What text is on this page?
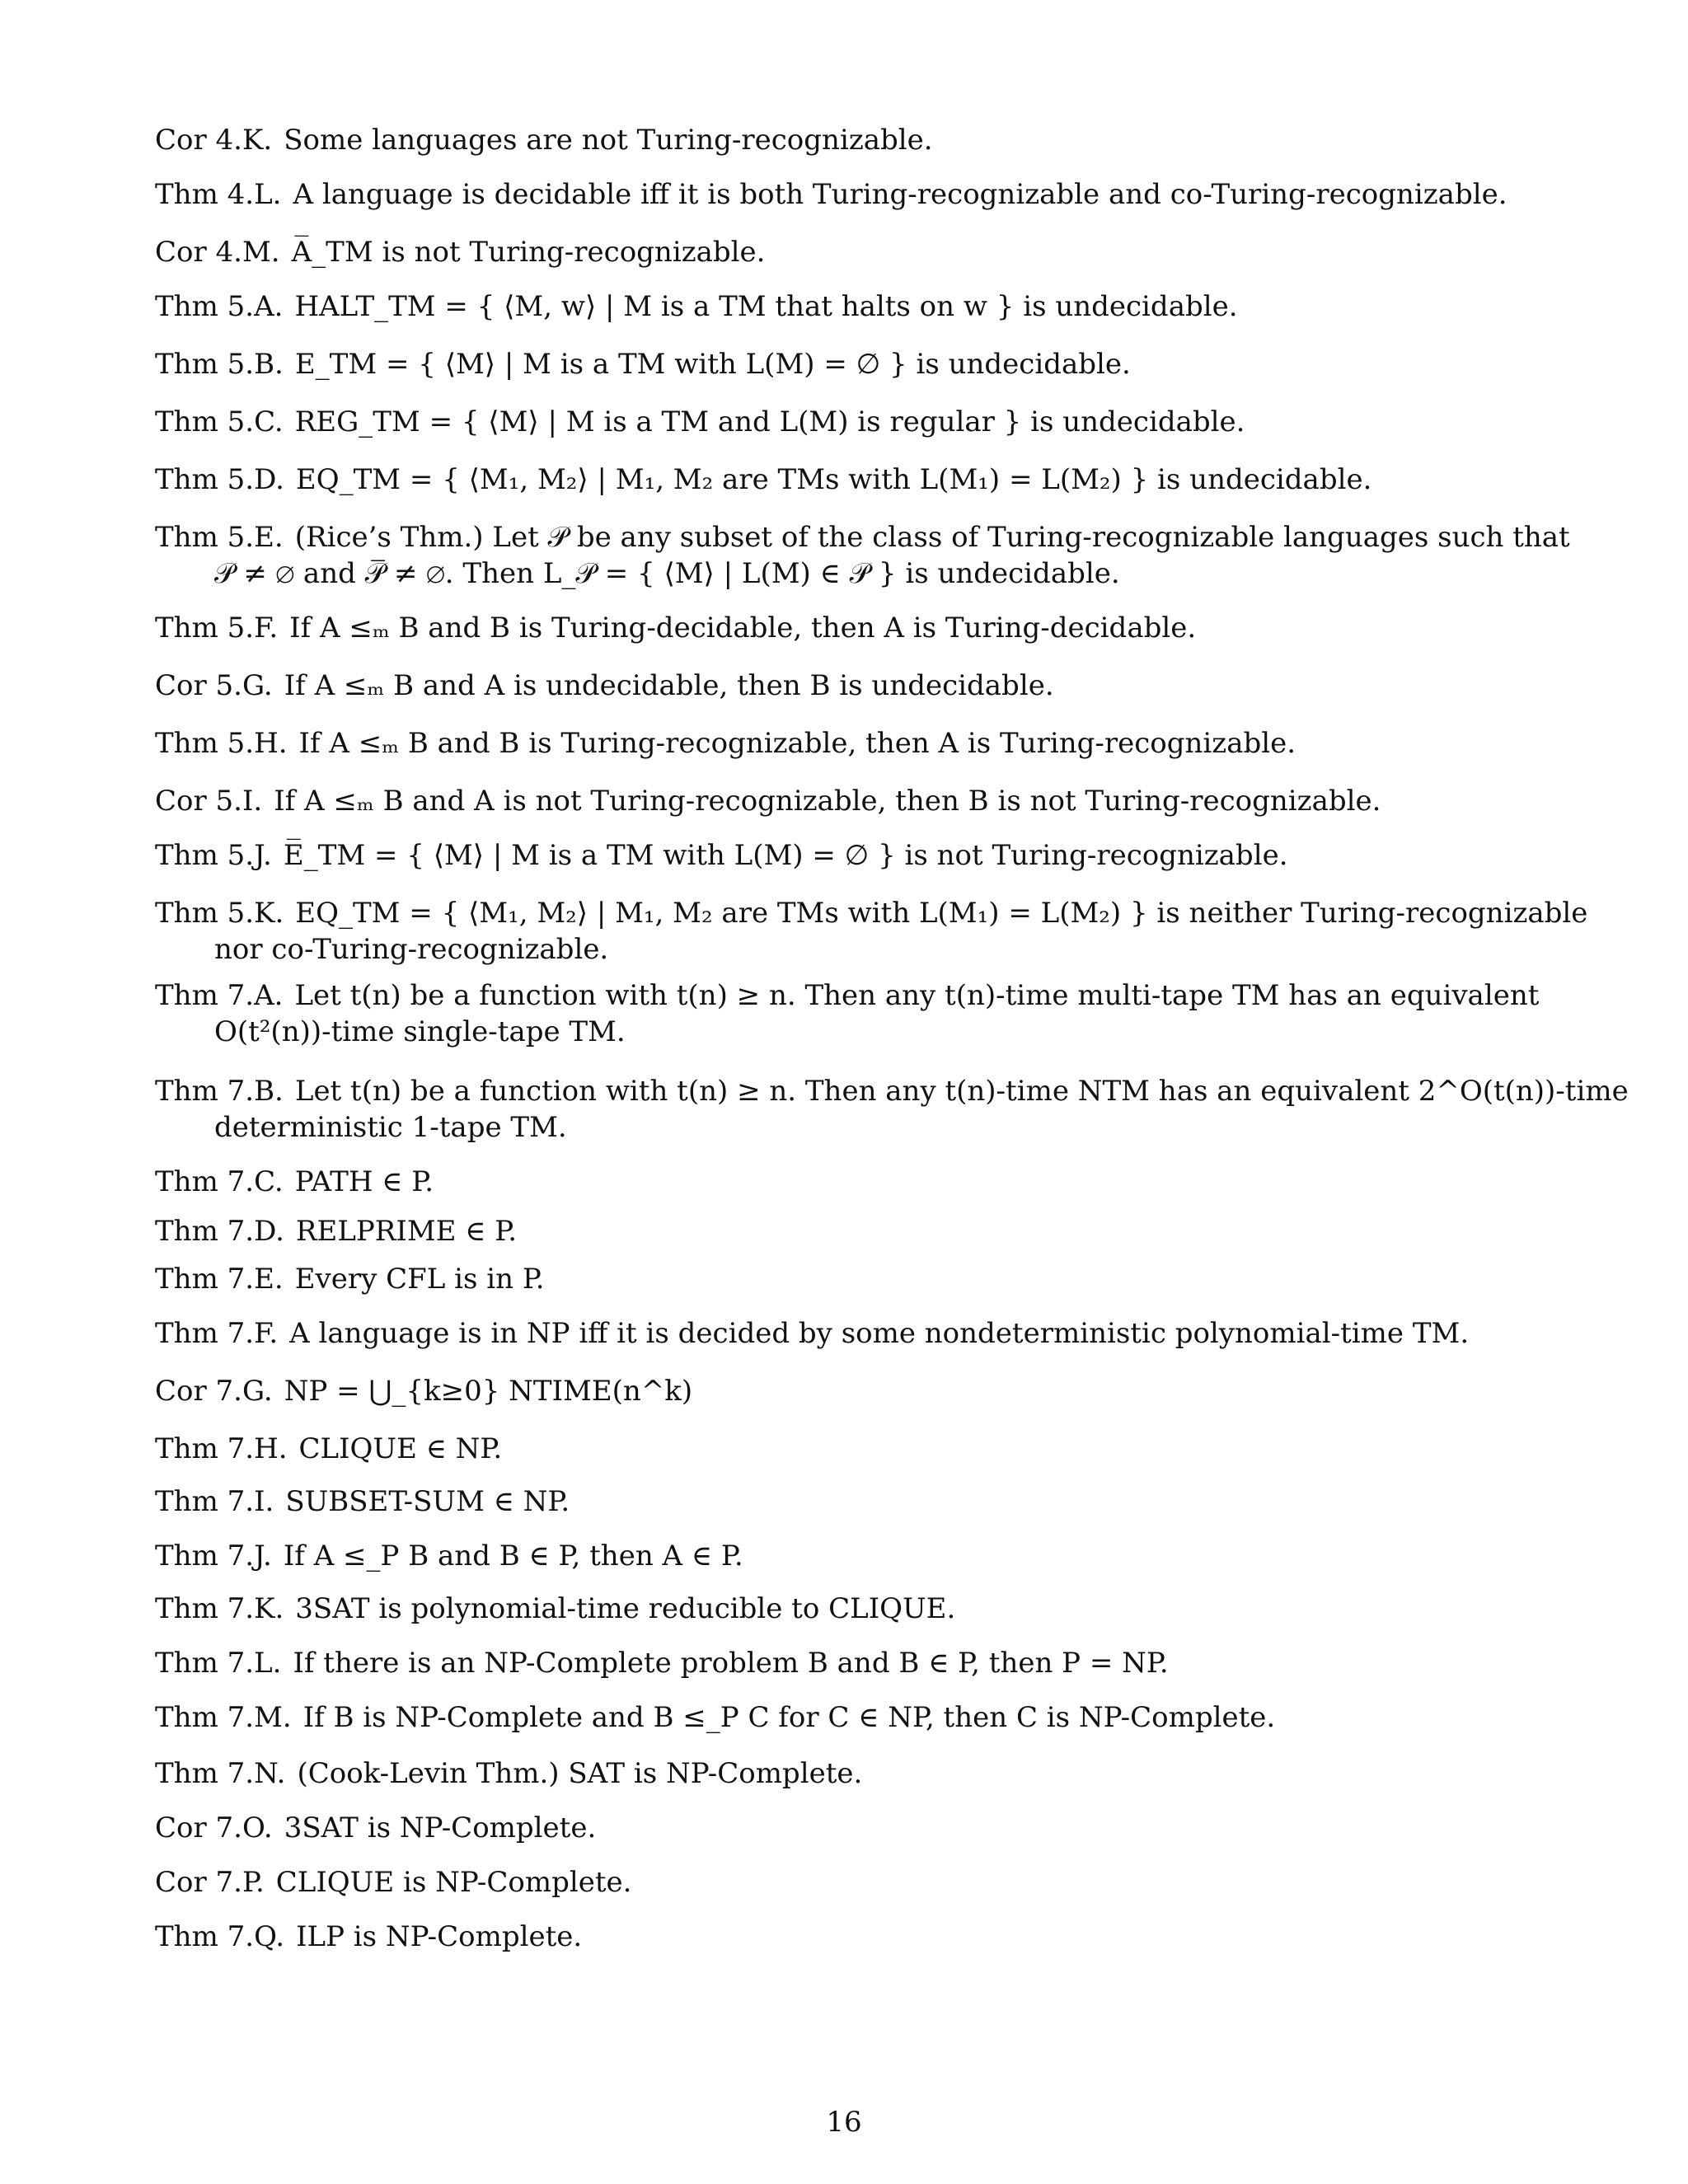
Cor 4.K. Some languages are not Turing-recognizable.
Thm 4.L. A language is decidable iff it is both Turing-recognizable and co-Turing-recognizable.
Cor 4.M. A̅_TM is not Turing-recognizable.
Thm 5.A. HALT_TM = { ⟨M, w⟩ | M is a TM that halts on w } is undecidable.
Thm 5.B. E_TM = { ⟨M⟩ | M is a TM with L(M) = ∅ } is undecidable.
Thm 5.C. REG_TM = { ⟨M⟩ | M is a TM and L(M) is regular } is undecidable.
Thm 5.D. EQ_TM = { ⟨M₁, M₂⟩ | M₁, M₂ are TMs with L(M₁) = L(M₂) } is undecidable.
Thm 5.E. (Rice’s Thm.) Let 𝒫 be any subset of the class of Turing-recognizable languages such that
𝒫 ≠ ∅ and 𝒫̅ ≠ ∅. Then L_𝒫 = { ⟨M⟩ | L(M) ∈ 𝒫 } is undecidable.
Thm 5.F. If A ≤ₘ B and B is Turing-decidable, then A is Turing-decidable.
Cor 5.G. If A ≤ₘ B and A is undecidable, then B is undecidable.
Thm 5.H. If A ≤ₘ B and B is Turing-recognizable, then A is Turing-recognizable.
Cor 5.I. If A ≤ₘ B and A is not Turing-recognizable, then B is not Turing-recognizable.
Thm 5.J. E̅_TM = { ⟨M⟩ | M is a TM with L(M) = ∅ } is not Turing-recognizable.
Thm 5.K. EQ_TM = { ⟨M₁, M₂⟩ | M₁, M₂ are TMs with L(M₁) = L(M₂) } is neither Turing-recognizable
nor co-Turing-recognizable.
Thm 7.A. Let t(n) be a function with t(n) ≥ n. Then any t(n)-time multi-tape TM has an equivalent
O(t²(n))-time single-tape TM.
Thm 7.B. Let t(n) be a function with t(n) ≥ n. Then any t(n)-time NTM has an equivalent 2^O(t(n))-time
deterministic 1-tape TM.
Thm 7.C. PATH ∈ P.
Thm 7.D. RELPRIME ∈ P.
Thm 7.E. Every CFL is in P.
Thm 7.F. A language is in NP iff it is decided by some nondeterministic polynomial-time TM.
Cor 7.G. NP = ⋃_{k≥0} NTIME(n^k)
Thm 7.H. CLIQUE ∈ NP.
Thm 7.I. SUBSET-SUM ∈ NP.
Thm 7.J. If A ≤_P B and B ∈ P, then A ∈ P.
Thm 7.K. 3SAT is polynomial-time reducible to CLIQUE.
Thm 7.L. If there is an NP-Complete problem B and B ∈ P, then P = NP.
Thm 7.M. If B is NP-Complete and B ≤_P C for C ∈ NP, then C is NP-Complete.
Thm 7.N. (Cook-Levin Thm.) SAT is NP-Complete.
Cor 7.O. 3SAT is NP-Complete.
Cor 7.P. CLIQUE is NP-Complete.
Thm 7.Q. ILP is NP-Complete.
16
